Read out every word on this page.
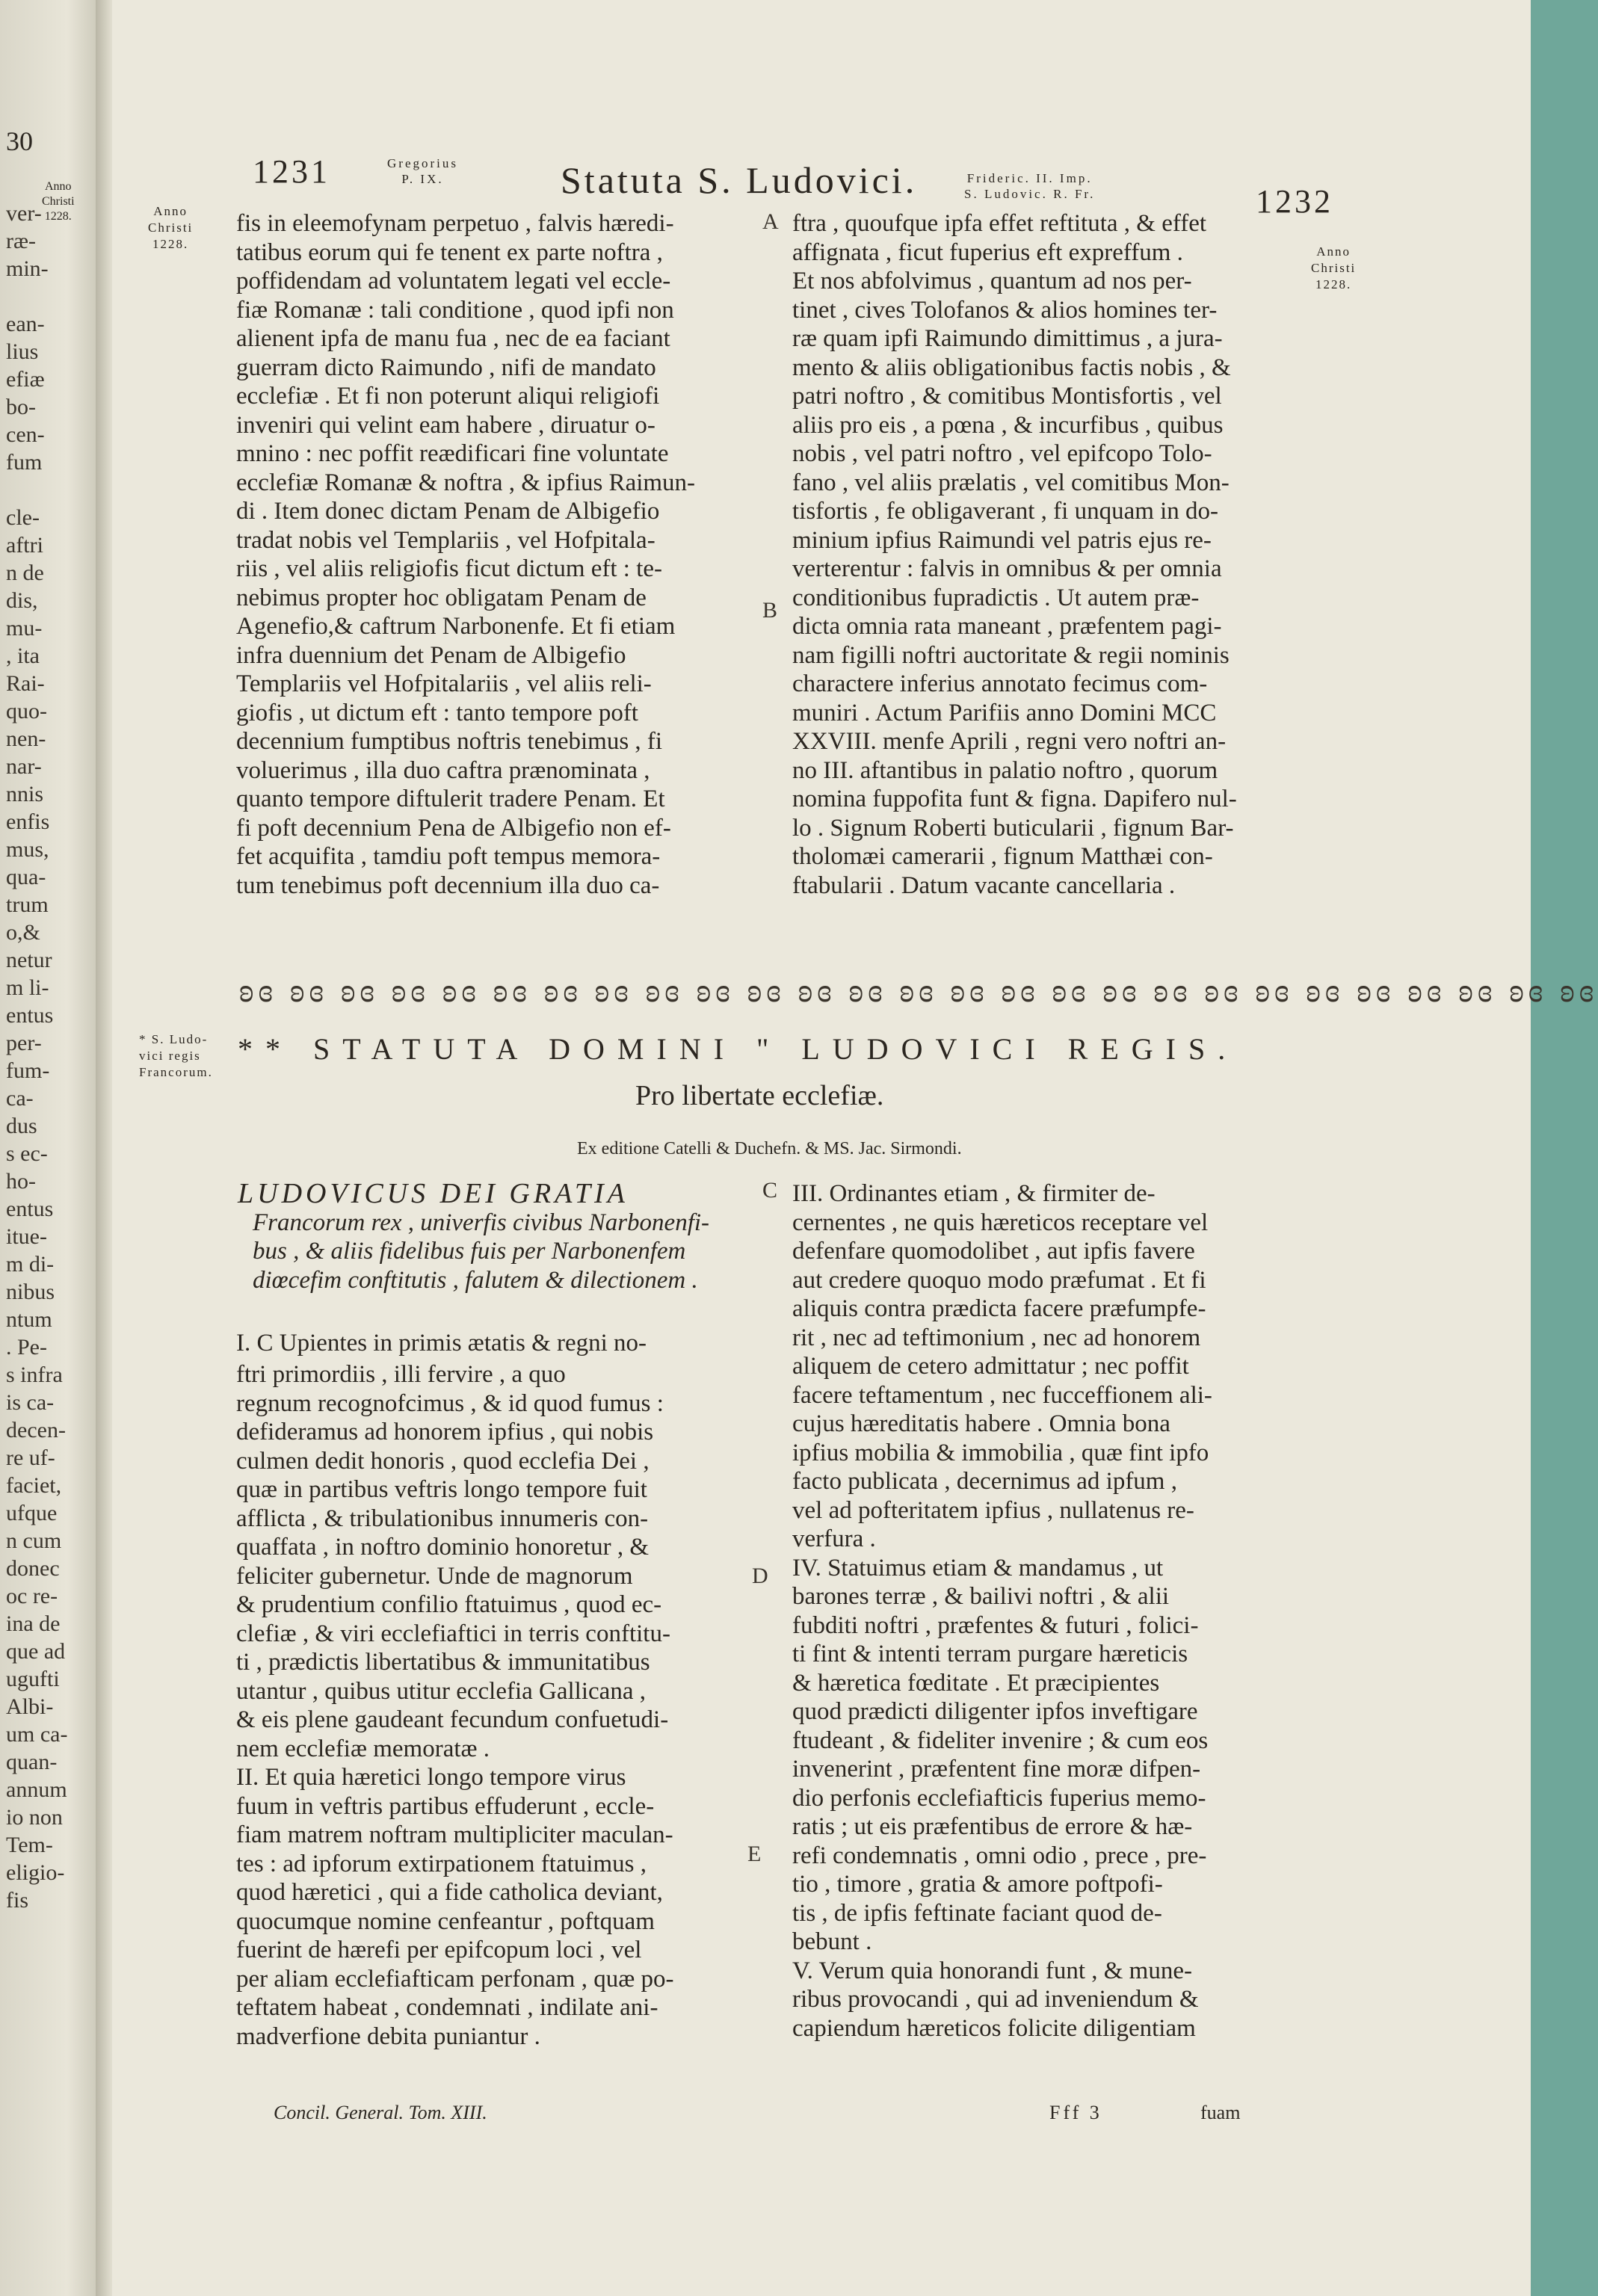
30
Anno
Christi
1228.
ver-
ræ-
min-
ean-
lius
efiæ
bo-
cen-
fum
cle-
aftri
n de
dis,
mu-
, ita
Rai-
quo-
nen-
nar-
nnis
enfis
mus,
qua-
trum
o,&
netur
m li-
entus
per-
fum-
ca-
dus
s ec-
ho-
entus
itue-
m di-
nibus
ntum
. Pe-
s infra
is ca-
decen-
re uf-
faciet,
ufque
n cum
donec
oc re-
ina de
que ad
ugufti
Albi-
um ca-
quan-
annum
io non
Tem-
eligio-
fis
1231	Gregorius
P. IX.	Statuta S. Ludovici.	Frideric. II. Imp.
S. Ludovic. R. Fr.	1232
Anno
Christi
1228.
Anno
Christi
1228.
A
B
C
D
E
fis in eleemofynam perpetuo , falvis hæredi-
tatibus eorum qui fe tenent ex parte noftra ,
poffidendam ad voluntatem legati vel eccle-
fiæ Romanæ : tali conditione , quod ipfi non
alienent ipfa de manu fua , nec de ea faciant
guerram dicto Raimundo , nifi de mandato
ecclefiæ . Et fi non poterunt aliqui religiofi
inveniri qui velint eam habere , diruatur o-
mnino : nec poffit reædificari fine voluntate
ecclefiæ Romanæ & noftra , & ipfius Raimun-
di . Item donec dictam Penam de Albigefio
tradat nobis vel Templariis , vel Hofpitala-
riis , vel aliis religiofis ficut dictum eft : te-
nebimus propter hoc obligatam Penam de
Agenefio,& caftrum Narbonenfe. Et fi etiam
infra duennium det Penam de Albigefio
Templariis vel Hofpitalariis , vel aliis reli-
giofis , ut dictum eft : tanto tempore poft
decennium fumptibus noftris tenebimus , fi
voluerimus , illa duo caftra prænominata ,
quanto tempore diftulerit tradere Penam. Et
fi poft decennium Pena de Albigefio non ef-
fet acquifita , tamdiu poft tempus memora-
tum tenebimus poft decennium illa duo ca-
ftra , quoufque ipfa effet reftituta , & effet
affignata , ficut fuperius eft expreffum .
Et nos abfolvimus , quantum ad nos per-
tinet , cives Tolofanos & alios homines ter-
ræ quam ipfi Raimundo dimittimus , a jura-
mento & aliis obligationibus factis nobis , &
patri noftro , & comitibus Montisfortis , vel
aliis pro eis , a pœna , & incurfibus , quibus
nobis , vel patri noftro , vel epifcopo Tolo-
fano , vel aliis prælatis , vel comitibus Mon-
tisfortis , fe obligaverant , fi unquam in do-
minium ipfius Raimundi vel patris ejus re-
verterentur : falvis in omnibus & per omnia
conditionibus fupradictis . Ut autem præ-
dicta omnia rata maneant , præfentem pagi-
nam figilli noftri auctoritate & regii nominis
charactere inferius annotato fecimus com-
muniri . Actum Parifiis anno Domini MCC
XXVIII. menfe Aprili , regni vero noftri an-
no III. aftantibus in palatio noftro , quorum
nomina fuppofita funt & figna. Dapifero nul-
lo . Signum Roberti buticularii , fignum Bar-
tholomæi camerarii , fignum Matthæi con-
ftabularii . Datum vacante cancellaria .
ʚɞ ʚɞ ʚɞ ʚɞ ʚɞ ʚɞ ʚɞ ʚɞ ʚɞ ʚɞ ʚɞ ʚɞ ʚɞ ʚɞ ʚɞ ʚɞ ʚɞ ʚɞ ʚɞ ʚɞ ʚɞ ʚɞ ʚɞ ʚɞ ʚɞ ʚɞ ʚɞ
* S. Ludo-
vici regis
Francorum.
** STATUTA DOMINI " LUDOVICI REGIS.
Pro libertate ecclefiæ.
Ex editione Catelli & Duchefn. & MS. Jac. Sirmondi.
LUDOVICUS DEI GRATIA
Francorum rex , univerfis civibus Narbonenfi-
bus , & aliis fidelibus fuis per Narbonenfem
diœcefim conftitutis , falutem & dilectionem .
I. C Upientes in primis ætatis & regni no-
ftri primordiis , illi fervire , a quo
regnum recognofcimus , & id quod fumus :
defideramus ad honorem ipfius , qui nobis
culmen dedit honoris , quod ecclefia Dei ,
quæ in partibus veftris longo tempore fuit
afflicta , & tribulationibus innumeris con-
quaffata , in noftro dominio honoretur , &
feliciter gubernetur. Unde de magnorum
& prudentium confilio ftatuimus , quod ec-
clefiæ , & viri ecclefiaftici in terris conftitu-
ti , prædictis libertatibus & immunitatibus
utantur , quibus utitur ecclefia Gallicana ,
& eis plene gaudeant fecundum confuetudi-
nem ecclefiæ memoratæ .
II. Et quia hæretici longo tempore virus
fuum in veftris partibus effuderunt , eccle-
fiam matrem noftram multipliciter maculan-
tes : ad ipforum extirpationem ftatuimus ,
quod hæretici , qui a fide catholica deviant,
quocumque nomine cenfeantur , poftquam
fuerint de hærefi per epifcopum loci , vel
per aliam ecclefiafticam perfonam , quæ po-
teftatem habeat , condemnati , indilate ani-
madverfione debita puniantur .
III. Ordinantes etiam , & firmiter de-
cernentes , ne quis hæreticos receptare vel
defenfare quomodolibet , aut ipfis favere
aut credere quoquo modo præfumat . Et fi
aliquis contra prædicta facere præfumpfe-
rit , nec ad teftimonium , nec ad honorem
aliquem de cetero admittatur ; nec poffit
facere teftamentum , nec fucceffionem ali-
cujus hæreditatis habere . Omnia bona
ipfius mobilia & immobilia , quæ fint ipfo
facto publicata , decernimus ad ipfum ,
vel ad pofteritatem ipfius , nullatenus re-
verfura .
IV. Statuimus etiam & mandamus , ut
barones terræ , & bailivi noftri , & alii
fubditi noftri , præfentes & futuri , folici-
ti fint & intenti terram purgare hæreticis
& hæretica fœditate . Et præcipientes
quod prædicti diligenter ipfos inveftigare
ftudeant , & fideliter invenire ; & cum eos
invenerint , præfentent fine moræ difpen-
dio perfonis ecclefiafticis fuperius memo-
ratis ; ut eis præfentibus de errore & hæ-
refi condemnatis , omni odio , prece , pre-
tio , timore , gratia & amore poftpofi-
tis , de ipfis feftinate faciant quod de-
bebunt .
V. Verum quia honorandi funt , & mune-
ribus provocandi , qui ad inveniendum &
capiendum hæreticos folicite diligentiam
Concil. General. Tom. XIII.	Fff 3	fuam
